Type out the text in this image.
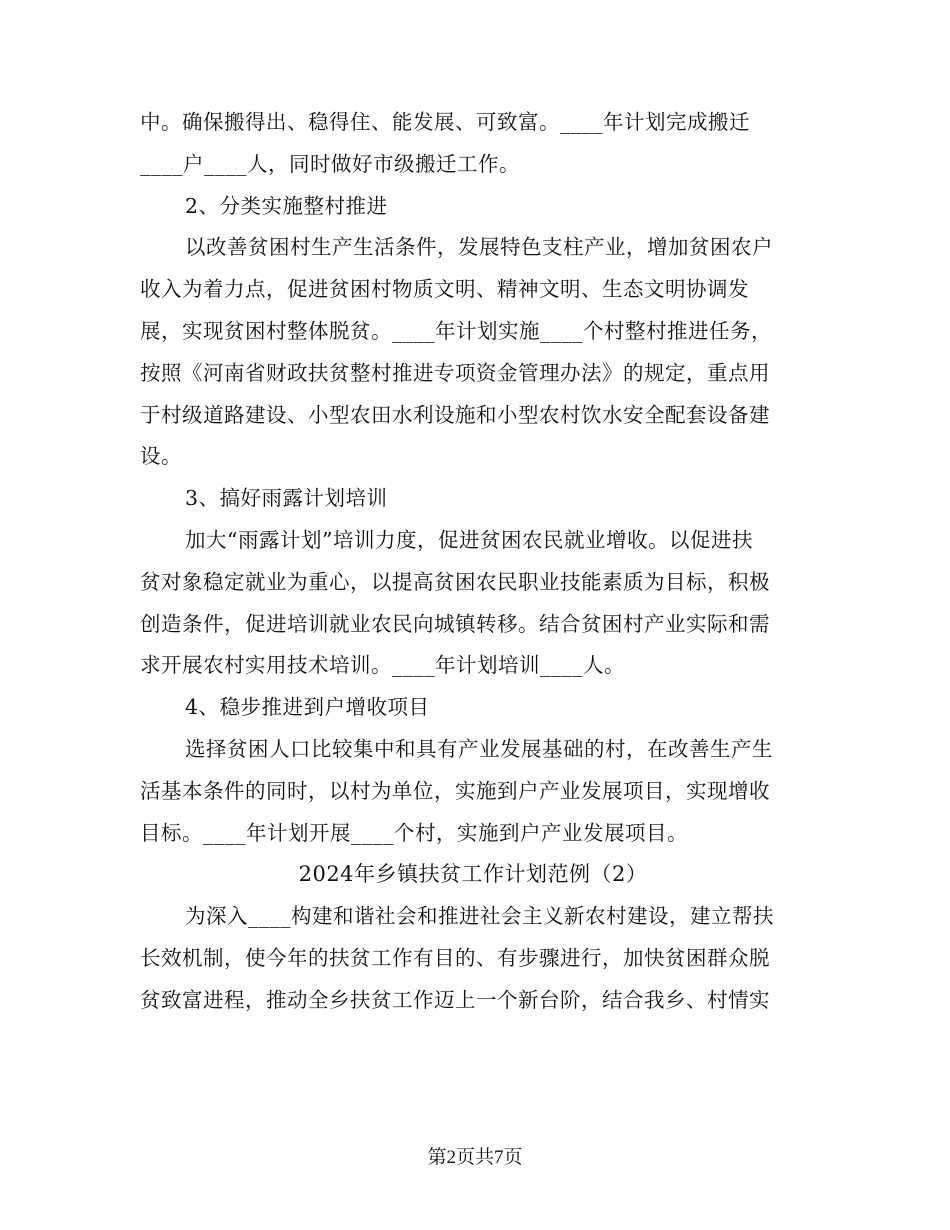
中。确保搬得出、稳得住、能发展、可致富。____年计划完成搬迁
____户____人，同时做好市级搬迁工作。
2、分类实施整村推进
以改善贫困村生产生活条件，发展特色支柱产业，增加贫困农户
收入为着力点，促进贫困村物质文明、精神文明、生态文明协调发
展，实现贫困村整体脱贫。____年计划实施____个村整村推进任务，
按照《河南省财政扶贫整村推进专项资金管理办法》的规定，重点用
于村级道路建设、小型农田水利设施和小型农村饮水安全配套设备建
设。
3、搞好雨露计划培训
加大“雨露计划”培训力度，促进贫困农民就业增收。以促进扶
贫对象稳定就业为重心，以提高贫困农民职业技能素质为目标，积极
创造条件，促进培训就业农民向城镇转移。结合贫困村产业实际和需
求开展农村实用技术培训。____年计划培训____人。
4、稳步推进到户增收项目
选择贫困人口比较集中和具有产业发展基础的村，在改善生产生
活基本条件的同时，以村为单位，实施到户产业发展项目，实现增收
目标。____年计划开展____个村，实施到户产业发展项目。
2024年乡镇扶贫工作计划范例（2）
为深入____构建和谐社会和推进社会主义新农村建设，建立帮扶
长效机制，使今年的扶贫工作有目的、有步骤进行，加快贫困群众脱
贫致富进程，推动全乡扶贫工作迈上一个新台阶，结合我乡、村情实
第2页共7页
